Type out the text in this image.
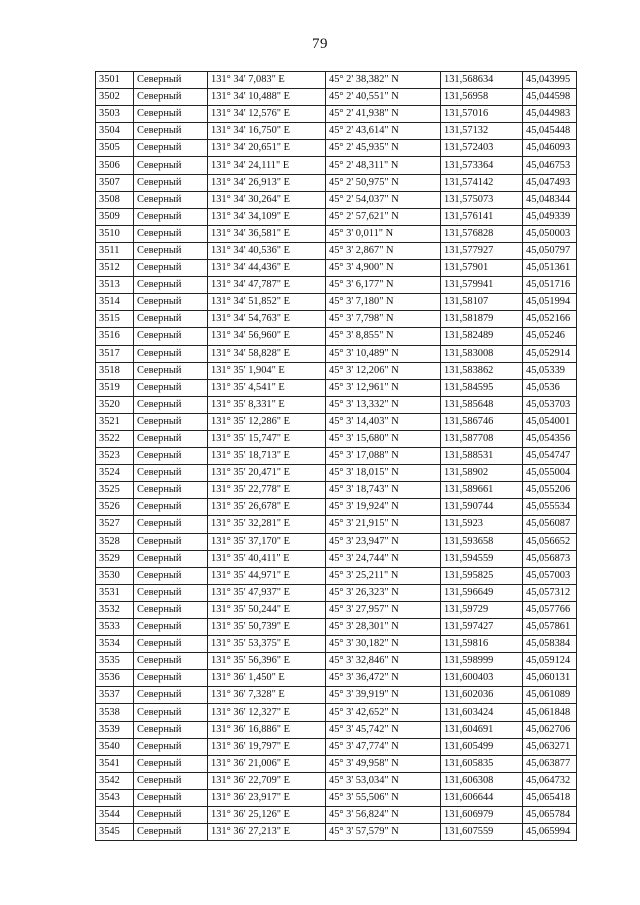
79
3501	Северный	131° 34' 7,083" E	45° 2' 38,382" N	131,568634	45,043995
3502	Северный	131° 34' 10,488" E	45° 2' 40,551" N	131,56958	45,044598
3503	Северный	131° 34' 12,576" E	45° 2' 41,938" N	131,57016	45,044983
3504	Северный	131° 34' 16,750" E	45° 2' 43,614" N	131,57132	45,045448
3505	Северный	131° 34' 20,651" E	45° 2' 45,935" N	131,572403	45,046093
3506	Северный	131° 34' 24,111" E	45° 2' 48,311" N	131,573364	45,046753
3507	Северный	131° 34' 26,913" E	45° 2' 50,975" N	131,574142	45,047493
3508	Северный	131° 34' 30,264" E	45° 2' 54,037" N	131,575073	45,048344
3509	Северный	131° 34' 34,109" E	45° 2' 57,621" N	131,576141	45,049339
3510	Северный	131° 34' 36,581" E	45° 3' 0,011" N	131,576828	45,050003
3511	Северный	131° 34' 40,536" E	45° 3' 2,867" N	131,577927	45,050797
3512	Северный	131° 34' 44,436" E	45° 3' 4,900" N	131,57901	45,051361
3513	Северный	131° 34' 47,787" E	45° 3' 6,177" N	131,579941	45,051716
3514	Северный	131° 34' 51,852" E	45° 3' 7,180" N	131,58107	45,051994
3515	Северный	131° 34' 54,763" E	45° 3' 7,798" N	131,581879	45,052166
3516	Северный	131° 34' 56,960" E	45° 3' 8,855" N	131,582489	45,05246
3517	Северный	131° 34' 58,828" E	45° 3' 10,489" N	131,583008	45,052914
3518	Северный	131° 35' 1,904" E	45° 3' 12,206" N	131,583862	45,05339
3519	Северный	131° 35' 4,541" E	45° 3' 12,961" N	131,584595	45,0536
3520	Северный	131° 35' 8,331" E	45° 3' 13,332" N	131,585648	45,053703
3521	Северный	131° 35' 12,286" E	45° 3' 14,403" N	131,586746	45,054001
3522	Северный	131° 35' 15,747" E	45° 3' 15,680" N	131,587708	45,054356
3523	Северный	131° 35' 18,713" E	45° 3' 17,088" N	131,588531	45,054747
3524	Северный	131° 35' 20,471" E	45° 3' 18,015" N	131,58902	45,055004
3525	Северный	131° 35' 22,778" E	45° 3' 18,743" N	131,589661	45,055206
3526	Северный	131° 35' 26,678" E	45° 3' 19,924" N	131,590744	45,055534
3527	Северный	131° 35' 32,281" E	45° 3' 21,915" N	131,5923	45,056087
3528	Северный	131° 35' 37,170" E	45° 3' 23,947" N	131,593658	45,056652
3529	Северный	131° 35' 40,411" E	45° 3' 24,744" N	131,594559	45,056873
3530	Северный	131° 35' 44,971" E	45° 3' 25,211" N	131,595825	45,057003
3531	Северный	131° 35' 47,937" E	45° 3' 26,323" N	131,596649	45,057312
3532	Северный	131° 35' 50,244" E	45° 3' 27,957" N	131,59729	45,057766
3533	Северный	131° 35' 50,739" E	45° 3' 28,301" N	131,597427	45,057861
3534	Северный	131° 35' 53,375" E	45° 3' 30,182" N	131,59816	45,058384
3535	Северный	131° 35' 56,396" E	45° 3' 32,846" N	131,598999	45,059124
3536	Северный	131° 36' 1,450" E	45° 3' 36,472" N	131,600403	45,060131
3537	Северный	131° 36' 7,328" E	45° 3' 39,919" N	131,602036	45,061089
3538	Северный	131° 36' 12,327" E	45° 3' 42,652" N	131,603424	45,061848
3539	Северный	131° 36' 16,886" E	45° 3' 45,742" N	131,604691	45,062706
3540	Северный	131° 36' 19,797" E	45° 3' 47,774" N	131,605499	45,063271
3541	Северный	131° 36' 21,006" E	45° 3' 49,958" N	131,605835	45,063877
3542	Северный	131° 36' 22,709" E	45° 3' 53,034" N	131,606308	45,064732
3543	Северный	131° 36' 23,917" E	45° 3' 55,506" N	131,606644	45,065418
3544	Северный	131° 36' 25,126" E	45° 3' 56,824" N	131,606979	45,065784
3545	Северный	131° 36' 27,213" E	45° 3' 57,579" N	131,607559	45,065994
